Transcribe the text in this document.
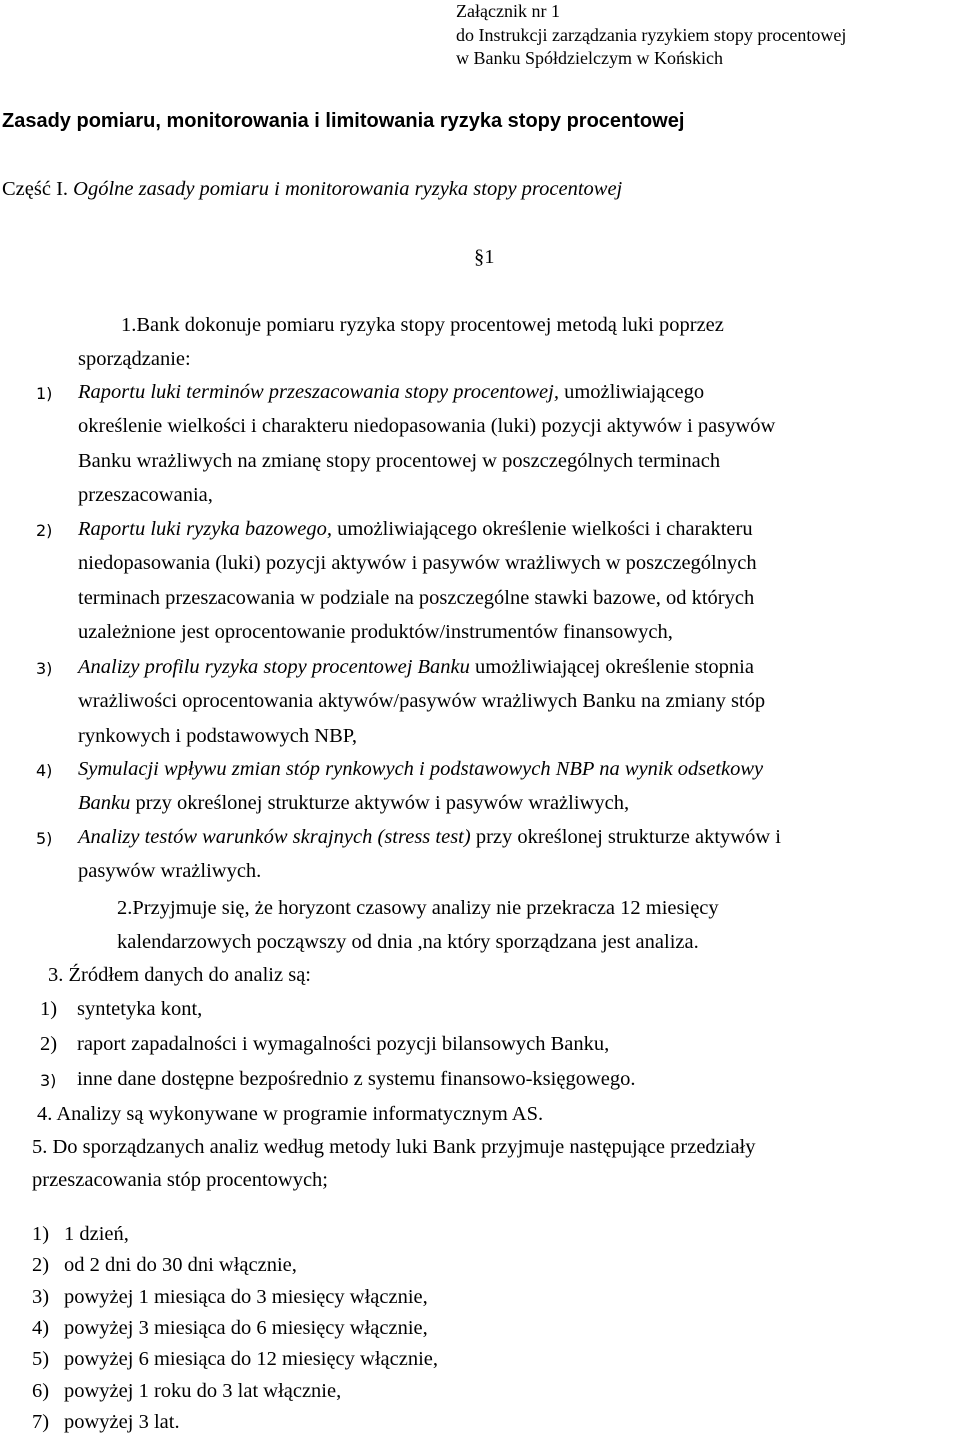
Załącznik nr 1
do Instrukcji zarządzania ryzykiem stopy procentowej
w Banku Spółdzielczym w Końskich
Zasady pomiaru, monitorowania i limitowania ryzyka stopy procentowej
Część I. Ogólne zasady pomiaru i monitorowania ryzyka stopy procentowej
§1
1.Bank dokonuje pomiaru ryzyka stopy procentowej metodą luki poprzez
sporządzanie:
1) Raportu luki terminów przeszacowania stopy procentowej, umożliwiającego
określenie wielkości i charakteru niedopasowania (luki) pozycji aktywów i pasywów
Banku wrażliwych na zmianę stopy procentowej w poszczególnych terminach
przeszacowania,
2) Raportu luki ryzyka bazowego, umożliwiającego określenie wielkości i charakteru
niedopasowania (luki) pozycji aktywów i pasywów wrażliwych w poszczególnych
terminach przeszacowania w podziale na poszczególne stawki bazowe, od których
uzależnione jest oprocentowanie produktów/instrumentów finansowych,
3) Analizy profilu ryzyka stopy procentowej Banku umożliwiającej określenie stopnia
wrażliwości oprocentowania aktywów/pasywów wrażliwych Banku na zmiany stóp
rynkowych i podstawowych NBP,
4) Symulacji wpływu zmian stóp rynkowych i podstawowych NBP na wynik odsetkowy
Banku przy określonej strukturze aktywów i pasywów wrażliwych,
5) Analizy testów warunków skrajnych (stress test) przy określonej strukturze aktywów i
pasywów wrażliwych.
2.Przyjmuje się, że horyzont czasowy analizy nie przekracza 12 miesięcy
kalendarzowych począwszy od dnia ,na który sporządzana jest analiza.
3. Źródłem danych do analiz są:
1) syntetyka kont,
2) raport zapadalności i wymagalności pozycji bilansowych Banku,
3) inne dane dostępne bezpośrednio z systemu finansowo-księgowego.
4. Analizy są wykonywane w programie informatycznym AS.
5. Do sporządzanych analiz według metody luki Bank przyjmuje następujące przedziały
przeszacowania stóp procentowych;
1) 1 dzień,
2) od 2 dni do 30 dni włącznie,
3) powyżej 1 miesiąca do 3 miesięcy włącznie,
4) powyżej 3 miesiąca do 6 miesięcy włącznie,
5) powyżej 6 miesiąca do 12 miesięcy włącznie,
6) powyżej 1 roku do 3 lat włącznie,
7) powyżej 3 lat.
